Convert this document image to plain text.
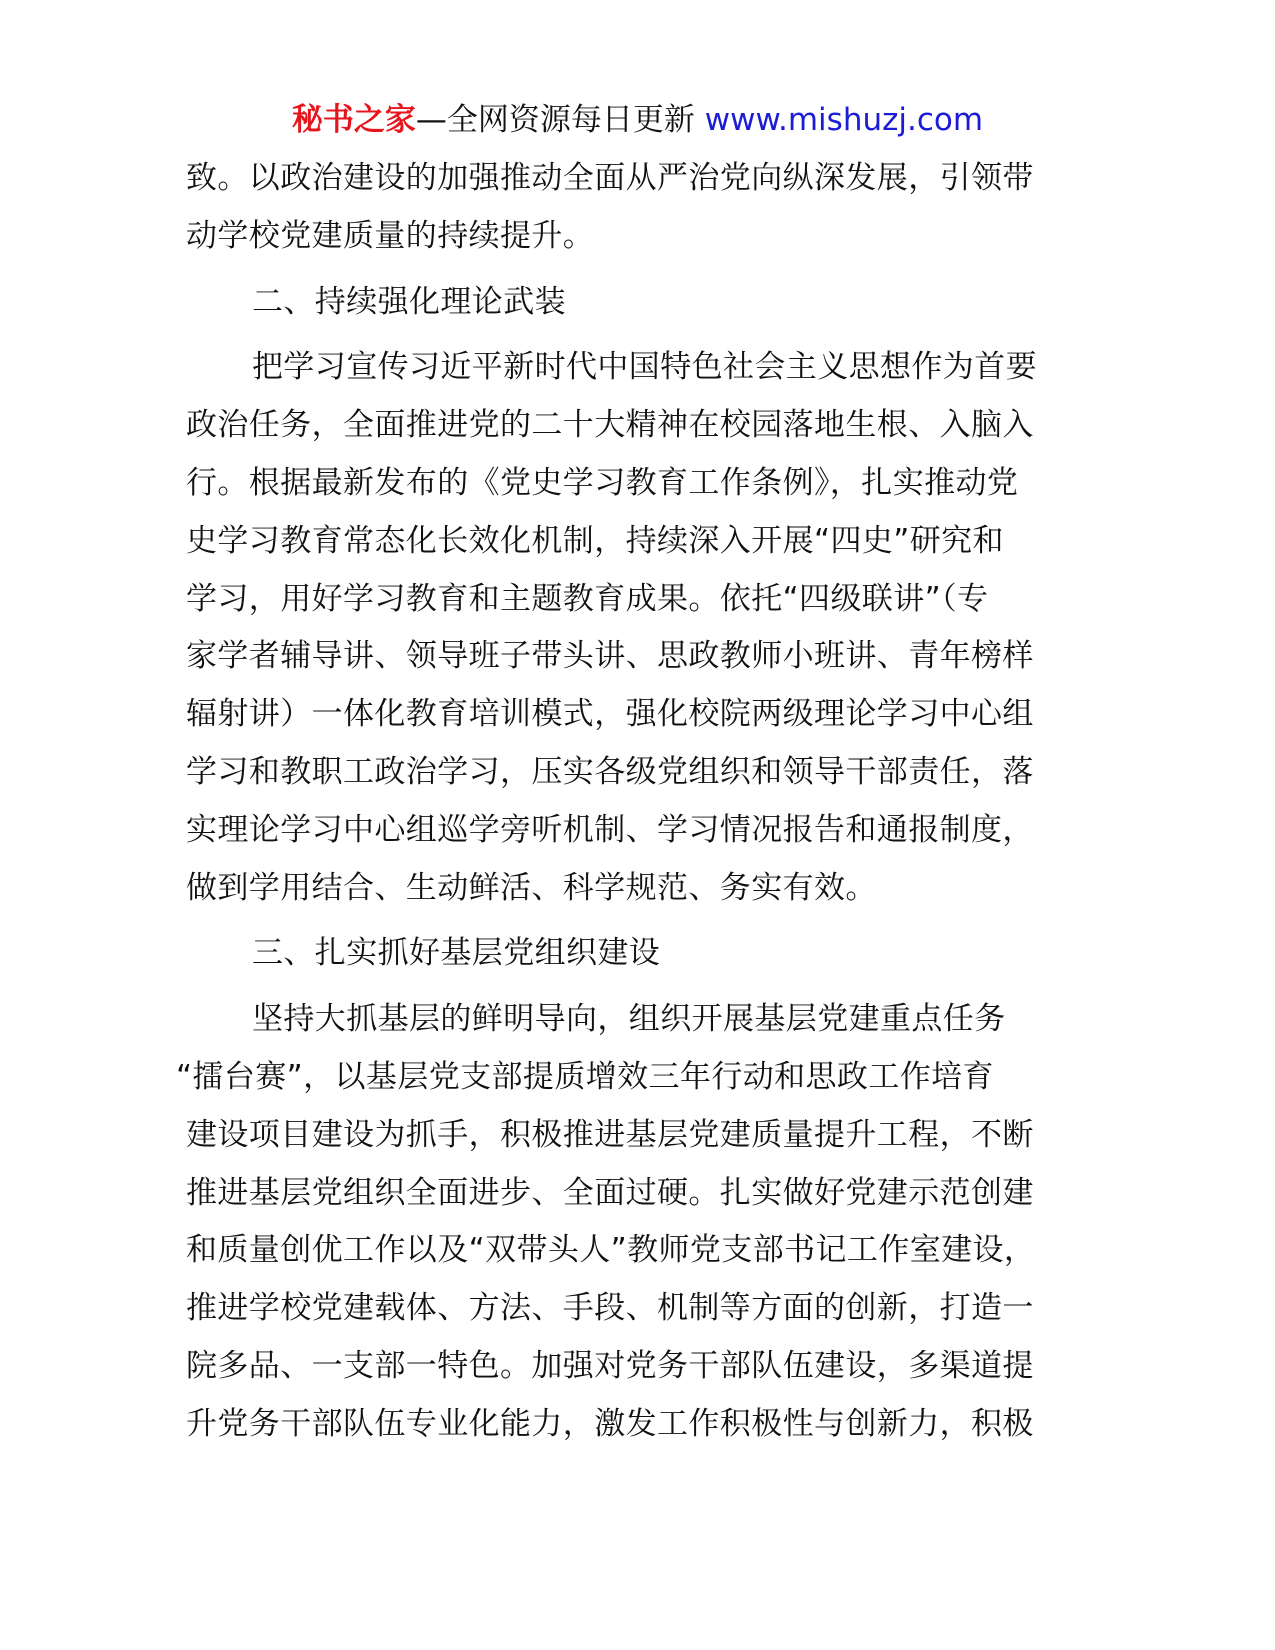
秘书之家—全网资源每日更新 www.mishuzj.com
致。以政治建设的加强推动全面从严治党向纵深发展，引领带
动学校党建质量的持续提升。
二、持续强化理论武装
把学习宣传习近平新时代中国特色社会主义思想作为首要
政治任务，全面推进党的二十大精神在校园落地生根、入脑入
行。根据最新发布的《党史学习教育工作条例》，扎实推动党
史学习教育常态化长效化机制，持续深入开展“四史”研究和
学习，用好学习教育和主题教育成果。依托“四级联讲”（专
家学者辅导讲、领导班子带头讲、思政教师小班讲、青年榜样
辐射讲）一体化教育培训模式，强化校院两级理论学习中心组
学习和教职工政治学习，压实各级党组织和领导干部责任，落
实理论学习中心组巡学旁听机制、学习情况报告和通报制度，
做到学用结合、生动鲜活、科学规范、务实有效。
三、扎实抓好基层党组织建设
坚持大抓基层的鲜明导向，组织开展基层党建重点任务
“擂台赛”，以基层党支部提质增效三年行动和思政工作培育
建设项目建设为抓手，积极推进基层党建质量提升工程，不断
推进基层党组织全面进步、全面过硬。扎实做好党建示范创建
和质量创优工作以及“双带头人”教师党支部书记工作室建设，
推进学校党建载体、方法、手段、机制等方面的创新，打造一
院多品、一支部一特色。加强对党务干部队伍建设，多渠道提
升党务干部队伍专业化能力，激发工作积极性与创新力，积极
